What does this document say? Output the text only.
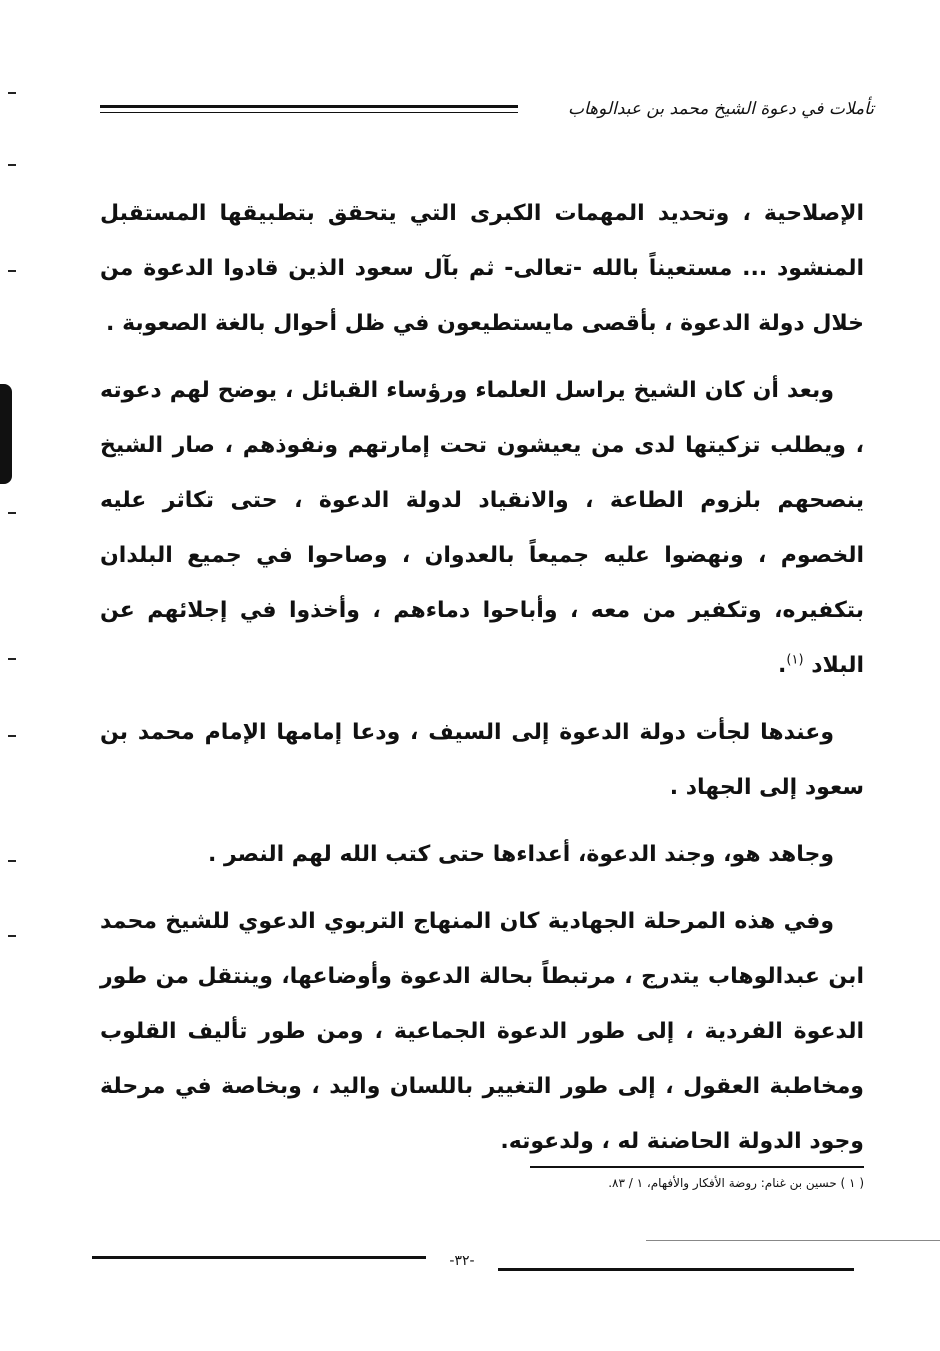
تأملات في دعوة الشيخ محمد بن عبدالوهاب

الإصلاحية ، وتحديد المهمات الكبرى التي يتحقق بتطبيقها المستقبل المنشود ... مستعيناً بالله -تعالى- ثم بآل سعود الذين قادوا الدعوة من خلال دولة الدعوة ، بأقصى مايستطيعون في ظل أحوال بالغة الصعوبة .

وبعد أن كان الشيخ يراسل العلماء ورؤساء القبائل ، يوضح لهم دعوته ، ويطلب تزكيتها لدى من يعيشون تحت إمارتهم ونفوذهم ، صار الشيخ ينصحهم بلزوم الطاعة ، والانقياد لدولة الدعوة ، حتى تكاثر عليه الخصوم ، ونهضوا عليه جميعاً بالعدوان ، وصاحوا في جميع البلدان بتكفيره، وتكفير من معه ، وأباحوا دماءهم ، وأخذوا في إجلائهم عن البلاد $^{(١)}$.

وعندها لجأت دولة الدعوة إلى السيف ، ودعا إمامها الإمام محمد بن سعود إلى الجهاد .

وجاهد هو، وجند الدعوة، أعداءها حتى كتب الله لهم النصر .

وفي هذه المرحلة الجهادية كان المنهاج التربوي الدعوي للشيخ محمد ابن عبدالوهاب يتدرج ، مرتبطاً بحالة الدعوة وأوضاعها، وينتقل من طور الدعوة الفردية ، إلى طور الدعوة الجماعية ، ومن طور تأليف القلوب ومخاطبة العقول ، إلى طور التغيير باللسان واليد ، وبخاصة في مرحلة وجود الدولة الحاضنة له ، ولدعوته.

( ١ ) حسين بن غنام: روضة الأفكار والأفهام، ١ / ٨٣.
-٣٢-
